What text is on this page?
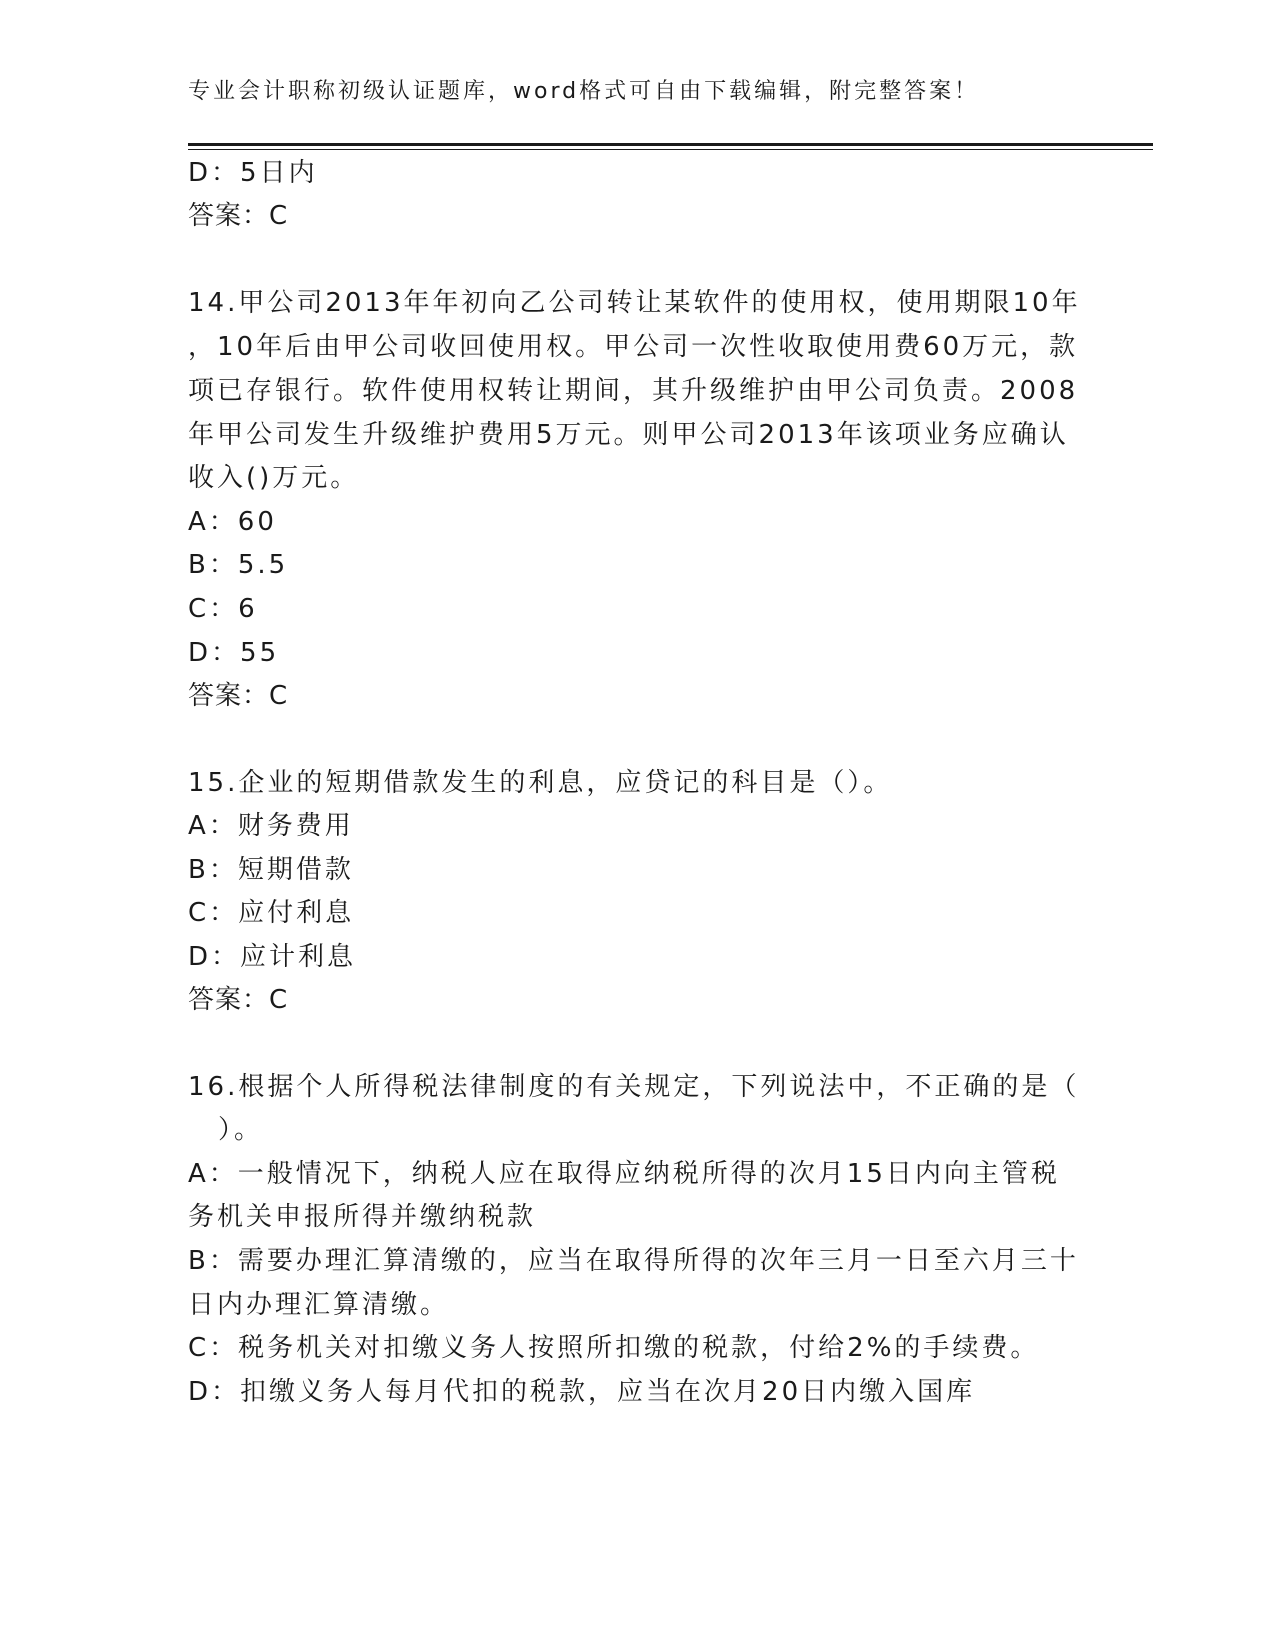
专业会计职称初级认证题库，word格式可自由下载编辑，附完整答案！
D：5日内
答案：C
14.甲公司2013年年初向乙公司转让某软件的使用权，使用期限10年
，10年后由甲公司收回使用权。甲公司一次性收取使用费60万元，款
项已存银行。软件使用权转让期间，其升级维护由甲公司负责。2008
年甲公司发生升级维护费用5万元。则甲公司2013年该项业务应确认
收入()万元。
A：60
B：5.5
C：6
D：55
答案：C
15.企业的短期借款发生的利息，应贷记的科目是（）。
A：财务费用
B：短期借款
C：应付利息
D：应计利息
答案：C
16.根据个人所得税法律制度的有关规定，下列说法中，不正确的是（
）。
A：一般情况下，纳税人应在取得应纳税所得的次月15日内向主管税
务机关申报所得并缴纳税款
B：需要办理汇算清缴的，应当在取得所得的次年三月一日至六月三十
日内办理汇算清缴。
C：税务机关对扣缴义务人按照所扣缴的税款，付给2%的手续费。
D：扣缴义务人每月代扣的税款，应当在次月20日内缴入国库
